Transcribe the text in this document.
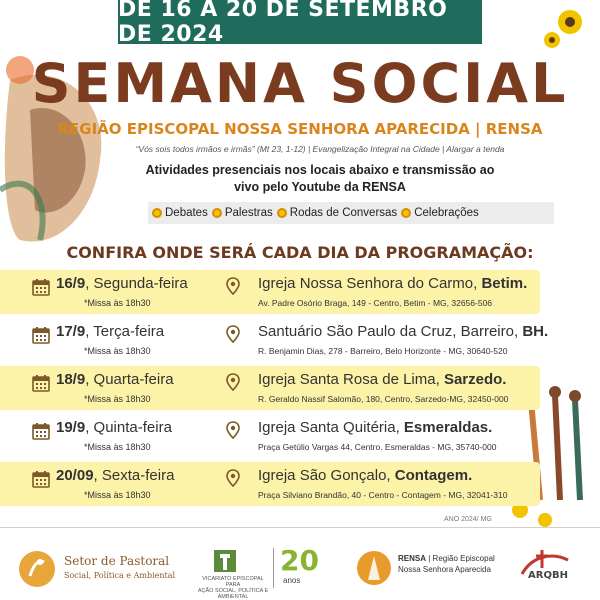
DE 16 A 20 DE SETEMBRO DE 2024
SEMANA SOCIAL
REGIÃO EPISCOPAL NOSSA SENHORA APARECIDA | RENSA
“Vós sois todos irmãos e irmãs” (Mt 23, 1-12) | Evangelização Integral na Cidade | Alargar a tenda
Atividades presenciais nos locais abaixo e transmissão ao
vivo pelo Youtube da RENSA
Debates Palestras Rodas de Conversas Celebrações
CONFIRA ONDE SERÁ CADA DIA DA PROGRAMAÇÃO:
16/9, Segunda-feira
*Missa às 18h30
Igreja Nossa Senhora do Carmo, Betim.
Av. Padre Osório Braga, 149 - Centro, Betim - MG, 32656-506
17/9, Terça-feira
*Missa às 18h30
Santuário São Paulo da Cruz, Barreiro, BH.
R. Benjamin Dias, 278 - Barreiro, Belo Horizonte - MG, 30640-520
18/9, Quarta-feira
*Missa às 18h30
Igreja Santa Rosa de Lima, Sarzedo.
R. Geraldo Nassif Salomão, 180, Centro, Sarzedo-MG, 32450-000
19/9, Quinta-feira
*Missa às 18h30
Igreja Santa Quitéria, Esmeraldas.
Praça Getúlio Vargas 44, Centro. Esmeraldas - MG, 35740-000
20/09, Sexta-feira
*Missa às 18h30
Igreja São Gonçalo, Contagem.
Praça Silviano Brandão, 40 - Centro - Contagem - MG, 32041-310
ANO 2024/ MG
Setor de Pastoral
Social, Política e Ambiental	VICARIATO EPISCOPAL PARA
AÇÃO SOCIAL, POLÍTICA E AMBIENTAL
20
anos
RENSA | Região Episcopal
Nossa Senhora Aparecida
ARQBH
